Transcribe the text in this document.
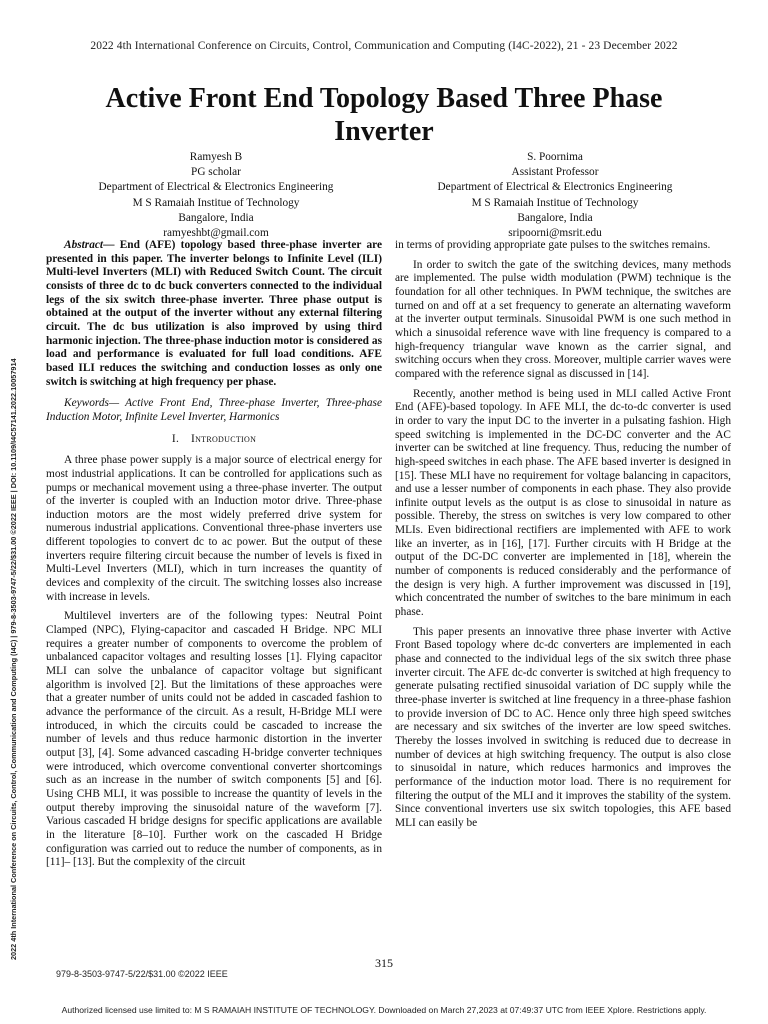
2022 4th International Conference on Circuits, Control, Communication and Computing (I4C-2022), 21 - 23 December 2022
Active Front End Topology Based Three Phase Inverter
Ramyesh B
PG scholar
Department of Electrical & Electronics Engineering
M S Ramaiah Institue of Technology
Bangalore, India
ramyeshbt@gmail.com
S. Poornima
Assistant Professor
Department of Electrical & Electronics Engineering
M S Ramaiah Institue of Technology
Bangalore, India
sripoorni@msrit.edu
2022 4th International Conference on Circuits, Control, Communication and Computing (I4C) | 979-8-3503-9747-5/22/$31.00 ©2022 IEEE | DOI: 10.1109/I4C57141.2022.10057914

Abstract— End (AFE) topology based three-phase inverter are presented in this paper. The inverter belongs to Infinite Level (ILI) Multi-level Inverters (MLI) with Reduced Switch Count. The circuit consists of three dc to dc buck converters connected to the individual legs of the six switch three-phase inverter. Three phase output is obtained at the output of the inverter without any external filtering circuit. The dc bus utilization is also improved by using third harmonic injection. The three-phase induction motor is considered as load and performance is evaluated for full load conditions. AFE based ILI reduces the switching and conduction losses as only one switch is switching at high frequency per phase.

Keywords— Active Front End, Three-phase Inverter, Three-phase Induction Motor, Infinite Level Inverter, Harmonics

I. Introduction

A three phase power supply is a major source of electrical energy for most industrial applications. It can be controlled for applications such as pumps or mechanical movement using a three-phase inverter. The output of the inverter is coupled with an Induction motor drive. Three-phase induction motors are the most widely preferred drive system for numerous industrial applications. Conventional three-phase inverters use different topologies to convert dc to ac power. But the output of these inverters require filtering circuit because the number of levels is fixed in Multi-Level Inverters (MLI), which in turn increases the quantity of devices and complexity of the circuit. The switching losses also increase with increase in levels.

Multilevel inverters are of the following types: Neutral Point Clamped (NPC), Flying-capacitor and cascaded H Bridge. NPC MLI requires a greater number of components to overcome the problem of unbalanced capacitor voltages and resulting losses [1]. Flying capacitor MLI can solve the unbalance of capacitor voltage but significant algorithm is involved [2]. But the limitations of these approaches were that a greater number of units could not be added in cascaded fashion to advance the performance of the circuit. As a result, H-Bridge MLI were introduced, in which the circuits could be cascaded to increase the number of levels and thus reduce harmonic distortion in the inverter output [3], [4]. Some advanced cascading H-bridge converter techniques were introduced, which overcome conventional converter shortcomings such as an increase in the number of switch components [5] and [6]. Using CHB MLI, it was possible to increase the quantity of levels in the output thereby improving the sinusoidal nature of the waveform [7]. Various cascaded H bridge designs for specific applications are available in the literature [8–10]. Further work on the cascaded H Bridge configuration was carried out to reduce the number of components, as in [11]– [13]. But the complexity of the circuit

in terms of providing appropriate gate pulses to the switches remains.

In order to switch the gate of the switching devices, many methods are implemented. The pulse width modulation (PWM) technique is the foundation for all other techniques. In PWM technique, the switches are turned on and off at a set frequency to generate an alternating waveform at the inverter output terminals. Sinusoidal PWM is one such method in which a sinusoidal reference wave with line frequency is compared to a high-frequency triangular wave known as the carrier signal, and switching occurs when they cross. Moreover, multiple carrier waves were compared with the reference signal as discussed in [14].

Recently, another method is being used in MLI called Active Front End (AFE)-based topology. In AFE MLI, the dc-to-dc converter is used in order to vary the input DC to the inverter in a pulsating fashion. High speed switching is implemented in the DC-DC converter and the AC inverter can be switched at line frequency. Thus, reducing the number of high-speed switches in each phase. The AFE based inverter is designed in [15]. These MLI have no requirement for voltage balancing in capacitors, and use a lesser number of components in each phase. They also provide infinite output levels as the output is as close to sinusoidal in nature as possible. Thereby, the stress on switches is very low compared to other MLIs. Even bidirectional rectifiers are implemented with AFE to work like an inverter, as in [16], [17]. Further circuits with H Bridge at the output of the DC-DC converter are implemented in [18], wherein the number of components is reduced considerably and the performance of the design is very high. A further improvement was discussed in [19], which concentrated the number of switches to the bare minimum in each phase.

This paper presents an innovative three phase inverter with Active Front Based topology where dc-dc converters are implemented in each phase and connected to the individual legs of the six switch three phase inverter circuit. The AFE dc-dc converter is switched at high frequency to generate pulsating rectified sinusoidal variation of DC supply while the three-phase inverter is switched at line frequency in a three-phase fashion to provide inversion of DC to AC. Hence only three high speed switches are necessary and six switches of the inverter are low speed switches. Thereby the losses involved in switching is reduced due to decrease in number of devices at high switching frequency. The output is also close to sinusoidal in nature, which reduces harmonics and improves the performance of the induction motor load. There is no requirement for filtering the output of the MLI and it improves the stability of the system. Since conventional inverters use six switch topologies, this AFE based MLI can easily be

315
979-8-3503-9747-5/22/$31.00 ©2022 IEEE
Authorized licensed use limited to: M S RAMAIAH INSTITUTE OF TECHNOLOGY. Downloaded on March 27,2023 at 07:49:37 UTC from IEEE Xplore. Restrictions apply.
